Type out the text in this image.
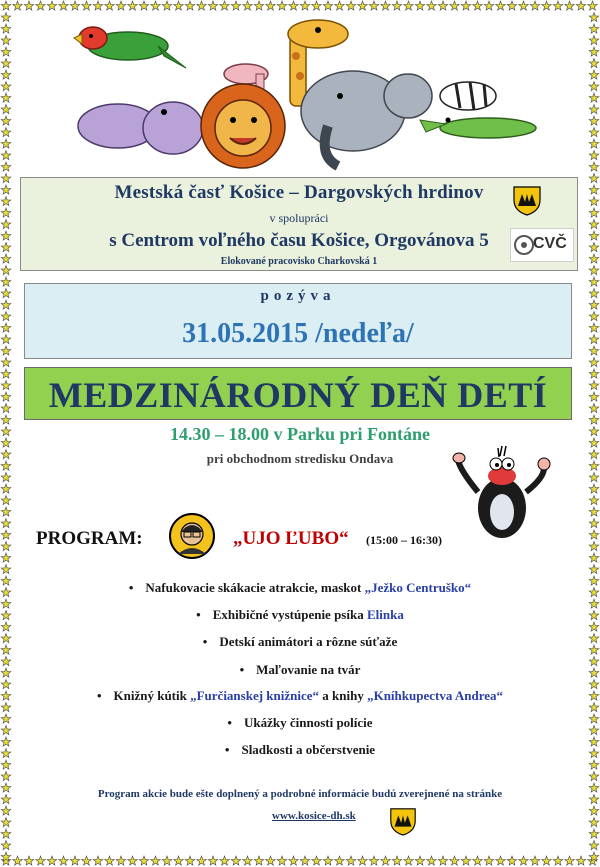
Mestská časť Košice – Dargovských hrdinov
v spolupráci
s Centrom voľného času Košice, Orgovánova 5
Elokované pracovisko Charkovská 1
CVČ
pozýva
31.05.2015 /nedeľa/
MEDZINÁRODNÝ DEŇ DETÍ
14.30 – 18.00 v Parku pri Fontáne
pri obchodnom stredisku Ondava
PROGRAM:	„UJO ĽUBO“ (15:00 – 16:30)
• Nafukovacie skákacie atrakcie, maskot „Ježko Centruško“
• Exhibičné vystúpenie psíka Elinka
• Detskí animátori a rôzne súťaže
• Maľovanie na tvár
• Knižný kútik „Furčianskej knižnice“ a knihy „Kníhkupectva Andrea“
• Ukážky činnosti polície
• Sladkosti a občerstvenie
Program akcie bude ešte doplnený a podrobné informácie budú zverejnené na stránke
www.kosice-dh.sk
